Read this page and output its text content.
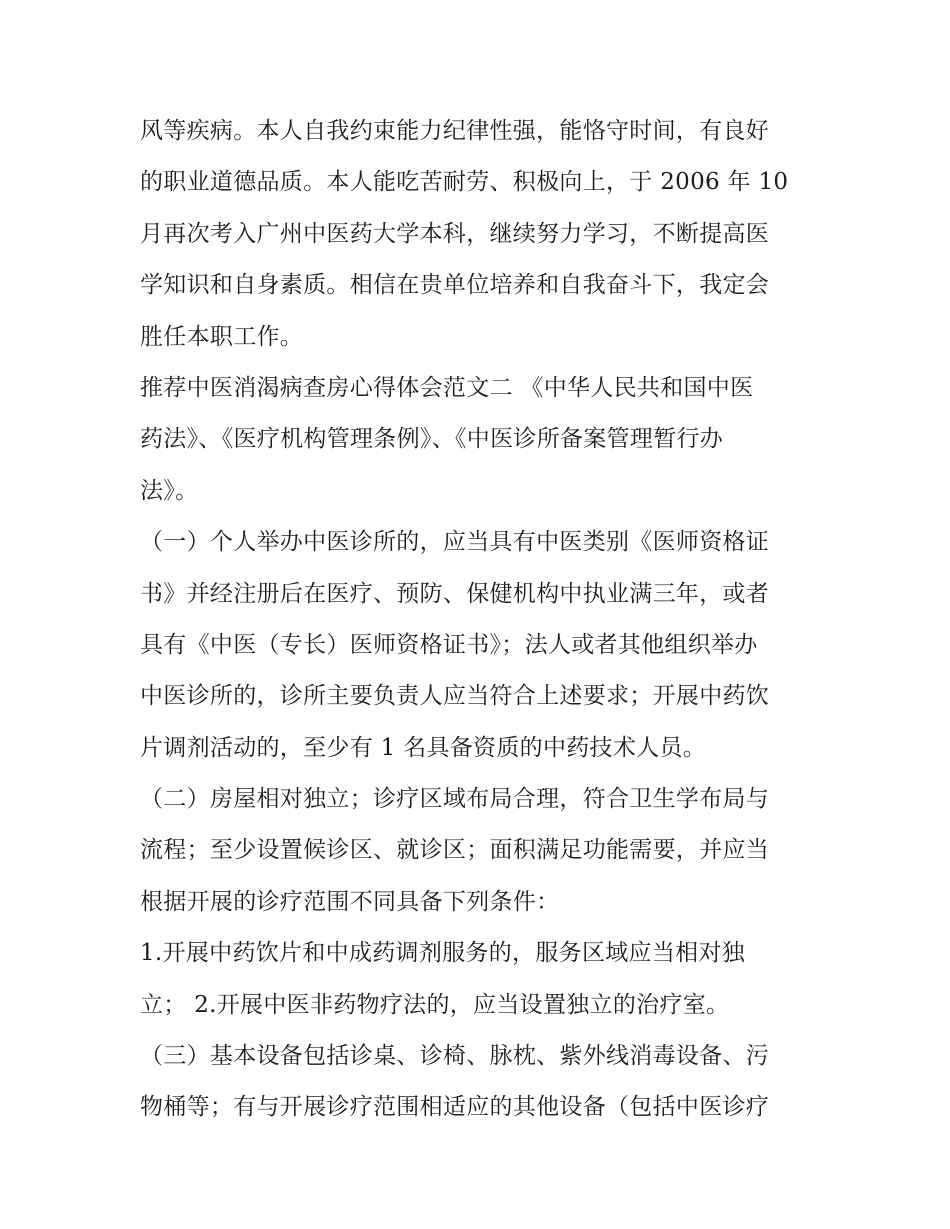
风等疾病。本人自我约束能力纪律性强，能恪守时间，有良好
的职业道德品质。本人能吃苦耐劳、积极向上，于 2006 年 10
月再次考入广州中医药大学本科，继续努力学习，不断提高医
学知识和自身素质。相信在贵单位培养和自我奋斗下，我定会
胜任本职工作。
推荐中医消渴病查房心得体会范文二 《中华人民共和国中医
药法》、《医疗机构管理条例》、《中医诊所备案管理暂行办
法》。
（一）个人举办中医诊所的，应当具有中医类别《医师资格证
书》并经注册后在医疗、预防、保健机构中执业满三年，或者
具有《中医（专长）医师资格证书》；法人或者其他组织举办
中医诊所的，诊所主要负责人应当符合上述要求；开展中药饮
片调剂活动的，至少有 1 名具备资质的中药技术人员。
（二）房屋相对独立；诊疗区域布局合理，符合卫生学布局与
流程；至少设置候诊区、就诊区；面积满足功能需要，并应当
根据开展的诊疗范围不同具备下列条件：
1.开展中药饮片和中成药调剂服务的，服务区域应当相对独
立； 2.开展中医非药物疗法的，应当设置独立的治疗室。
（三）基本设备包括诊桌、诊椅、脉枕、紫外线消毒设备、污
物桶等；有与开展诊疗范围相适应的其他设备（包括中医诊疗
